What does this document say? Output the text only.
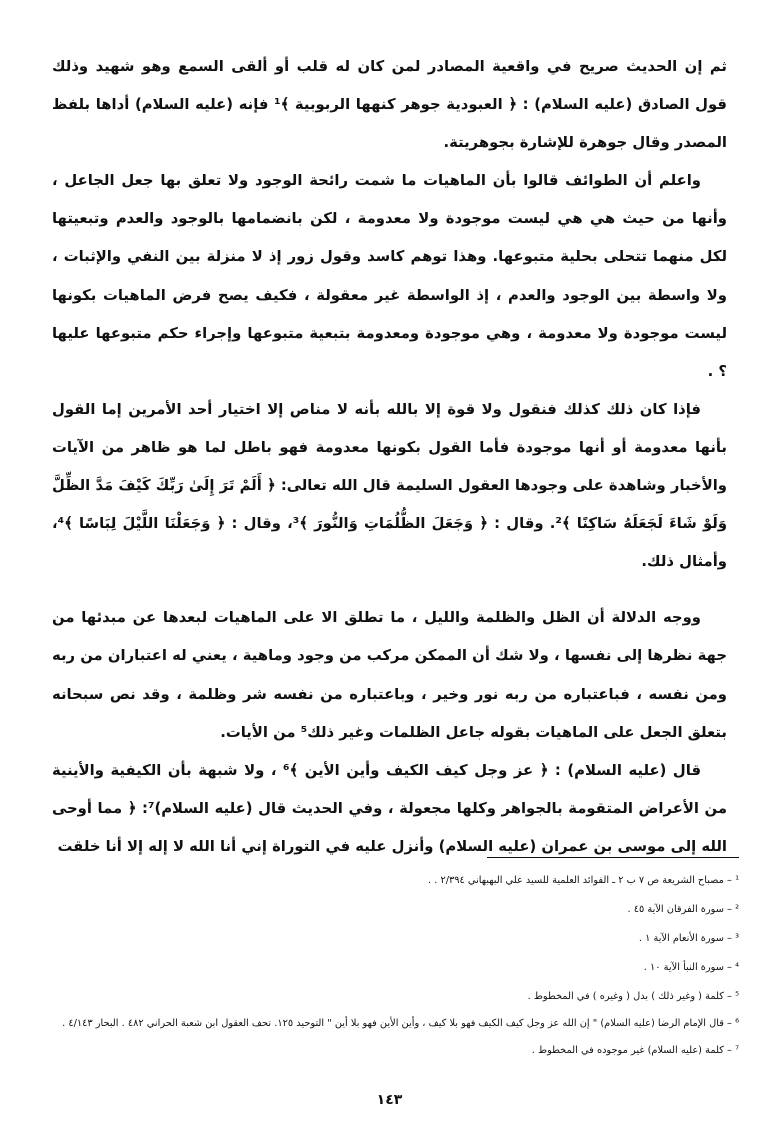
ثم إن الحديث صريح في واقعية المصادر لمن كان له قلب أو ألقى السمع وهو شهيد وذلك قول الصادق (عليه السلام) : ﴿ العبودية جوهر كنهها الربوبية ﴾¹ فإنه (عليه السلام) أداها بلفظ المصدر وقال جوهرة للإشارة بجوهريتة.

واعلم أن الطوائف قالوا بأن الماهيات ما شمت رائحة الوجود ولا تعلق بها جعل الجاعل ، وأنها من حيث هي هي ليست موجودة ولا معدومة ، لكن بانضمامها بالوجود والعدم وتبعيتها لكل منهما تتحلى بحلية متبوعها. وهذا توهم كاسد وقول زور إذ لا منزلة بين النفي والإثبات ، ولا واسطة بين الوجود والعدم ، إذ الواسطة غير معقولة ، فكيف يصح فرض الماهيات بكونها ليست موجودة ولا معدومة ، وهي موجودة ومعدومة بتبعية متبوعها وإجراء حكم متبوعها عليها ؟ .

فإذا كان ذلك كذلك فنقول ولا قوة إلا بالله بأنه لا مناص إلا اختيار أحد الأمرين إما القول بأنها معدومة أو أنها موجودة فأما القول بكونها معدومة فهو باطل لما هو ظاهر من الآيات والأخبار وشاهدة على وجودها العقول السليمة قال الله تعالى: ﴿ أَلَمْ تَرَ إِلَىٰ رَبِّكَ كَيْفَ مَدَّ الظِّلَّ وَلَوْ شَاءَ لَجَعَلَهُ سَاكِنًا ﴾². وقال : ﴿ وَجَعَلَ الظُّلُمَاتِ وَالنُّورَ ﴾³، وقال : ﴿ وَجَعَلْنَا اللَّيْلَ لِبَاسًا ﴾⁴، وأمثال ذلك.

ووجه الدلالة أن الظل والظلمة والليل ، ما تطلق الا على الماهيات لبعدها عن مبدئها من جهة نظرها إلى نفسها ، ولا شك أن الممكن مركب من وجود وماهية ، يعني له اعتباران من ربه ومن نفسه ، فباعتباره من ربه نور وخير ، وباعتباره من نفسه شر وظلمة ، وقد نص سبحانه بتعلق الجعل على الماهيات بقوله جاعل الظلمات وغير ذلك⁵ من الأيات.

قال (عليه السلام) : ﴿ عز وجل كيف الكيف وأين الأين ﴾⁶ ، ولا شبهة بأن الكيفية والأينية من الأعراض المتقومة بالجواهر وكلها مجعولة ، وفي الحديث قال (عليه السلام)⁷: ﴿ مما أوحى الله إلى موسى بن عمران (عليه السلام) وأنزل عليه في التوراة إني أنا الله لا إله إلا أنا خلقت

¹ – مصباح الشريعة ص ٧ ب ٢ ـ الفوائد العلمية للسيد علي البهبهاني ٢/٣٩٤ . .

² – سورة الفرقان الآية ٤٥ .

³ – سورة الأنعام الآية ١ .

⁴ – سورة النبأ الآية ١٠ .

⁵ – كلمة ( وغير ذلك ) بدل ( وغيره ) في المخطوط .

⁶ – قال الإمام الرضا (عليه السلام) " إن الله عز وجل كيف الكيف فهو بلا كيف ، وأين الأين فهو بلا أين " التوحيد ١٢٥. تحف العقول ابن شعبة الحراني ٤٨٢ . البحار ٤/١٤٣ .

⁷ – كلمة (عليه السلام) غير موجوده في المخطوط .

١٤٣
